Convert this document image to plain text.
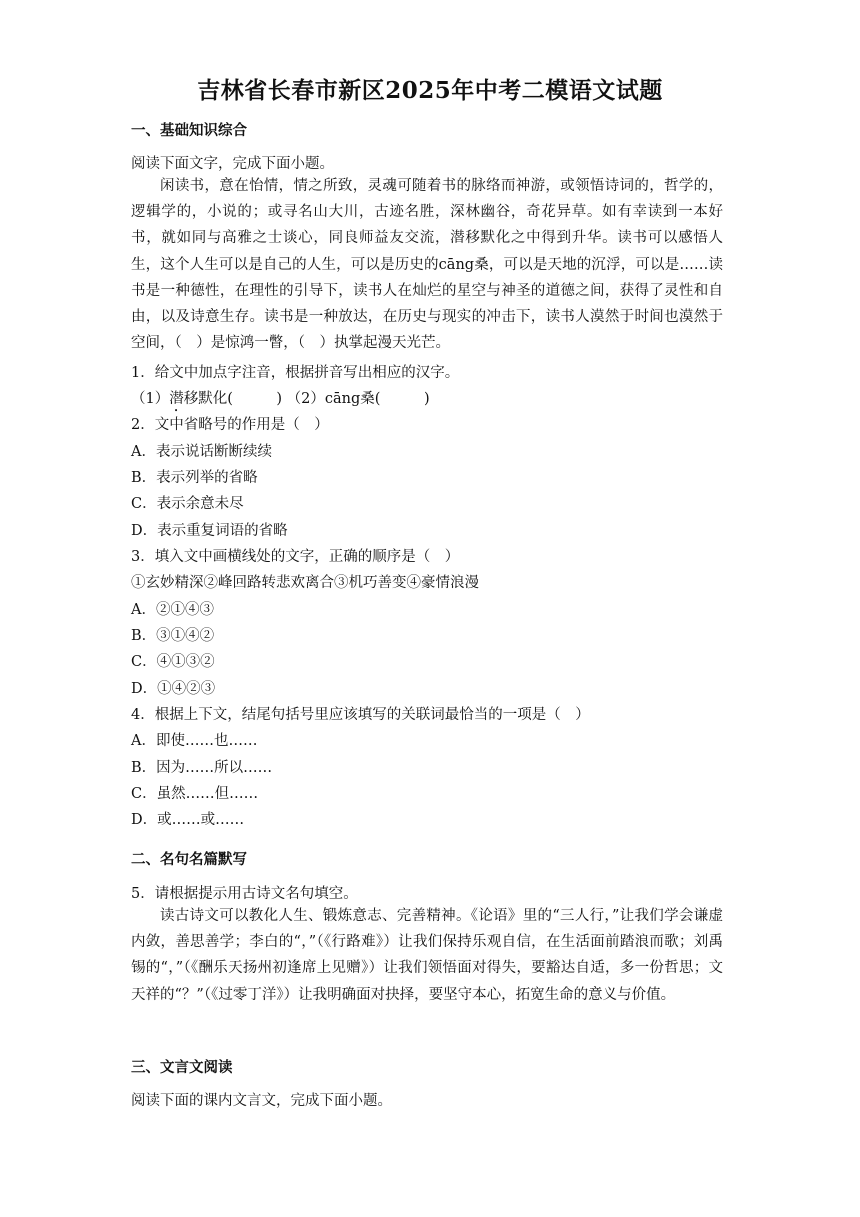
吉林省长春市新区2025年中考二模语文试题
一、基础知识综合
阅读下面文字，完成下面小题。
闲读书，意在怡情，情之所致，灵魂可随着书的脉络而神游，或领悟诗词的，哲学的，逻辑学的，小说的；或寻名山大川，古迹名胜，深林幽谷，奇花异草。如有幸读到一本好书，就如同与高雅之士谈心，同良师益友交流，潜移默化之中得到升华。读书可以感悟人生，这个人生可以是自己的人生，可以是历史的cāng桑，可以是天地的沉浮，可以是……读书是一种德性，在理性的引导下，读书人在灿烂的星空与神圣的道德之间，获得了灵性和自由，以及诗意生存。读书是一种放达，在历史与现实的冲击下，读书人漠然于时间也漠然于空间，（　）是惊鸿一瞥，（　）执掌起漫天光芒。
1．给文中加点字注音，根据拼音写出相应的汉字。
（1）潜移默化(　　　) （2）cāng桑(　　　)
2．文中省略号的作用是（　）
A．表示说话断断续续
B．表示列举的省略
C．表示余意未尽
D．表示重复词语的省略
3．填入文中画横线处的文字，正确的顺序是（　）
①玄妙精深②峰回路转悲欢离合③机巧善变④豪情浪漫
A．②①④③
B．③①④②
C．④①③②
D．①④②③
4．根据上下文，结尾句括号里应该填写的关联词最恰当的一项是（　）
A．即使……也……
B．因为……所以……
C．虽然……但……
D．或……或……
二、名句名篇默写
5．请根据提示用古诗文名句填空。
读古诗文可以教化人生、锻炼意志、完善精神。《论语》里的“三人行，”让我们学会谦虚内敛，善思善学；李白的“，”（《行路难》）让我们保持乐观自信，在生活面前踏浪而歌；刘禹锡的“，”（《酬乐天扬州初逢席上见赠》）让我们领悟面对得失，要豁达自适，多一份哲思；文天祥的“？”（《过零丁洋》）让我明确面对抉择，要坚守本心，拓宽生命的意义与价值。
三、文言文阅读
阅读下面的课内文言文，完成下面小题。
